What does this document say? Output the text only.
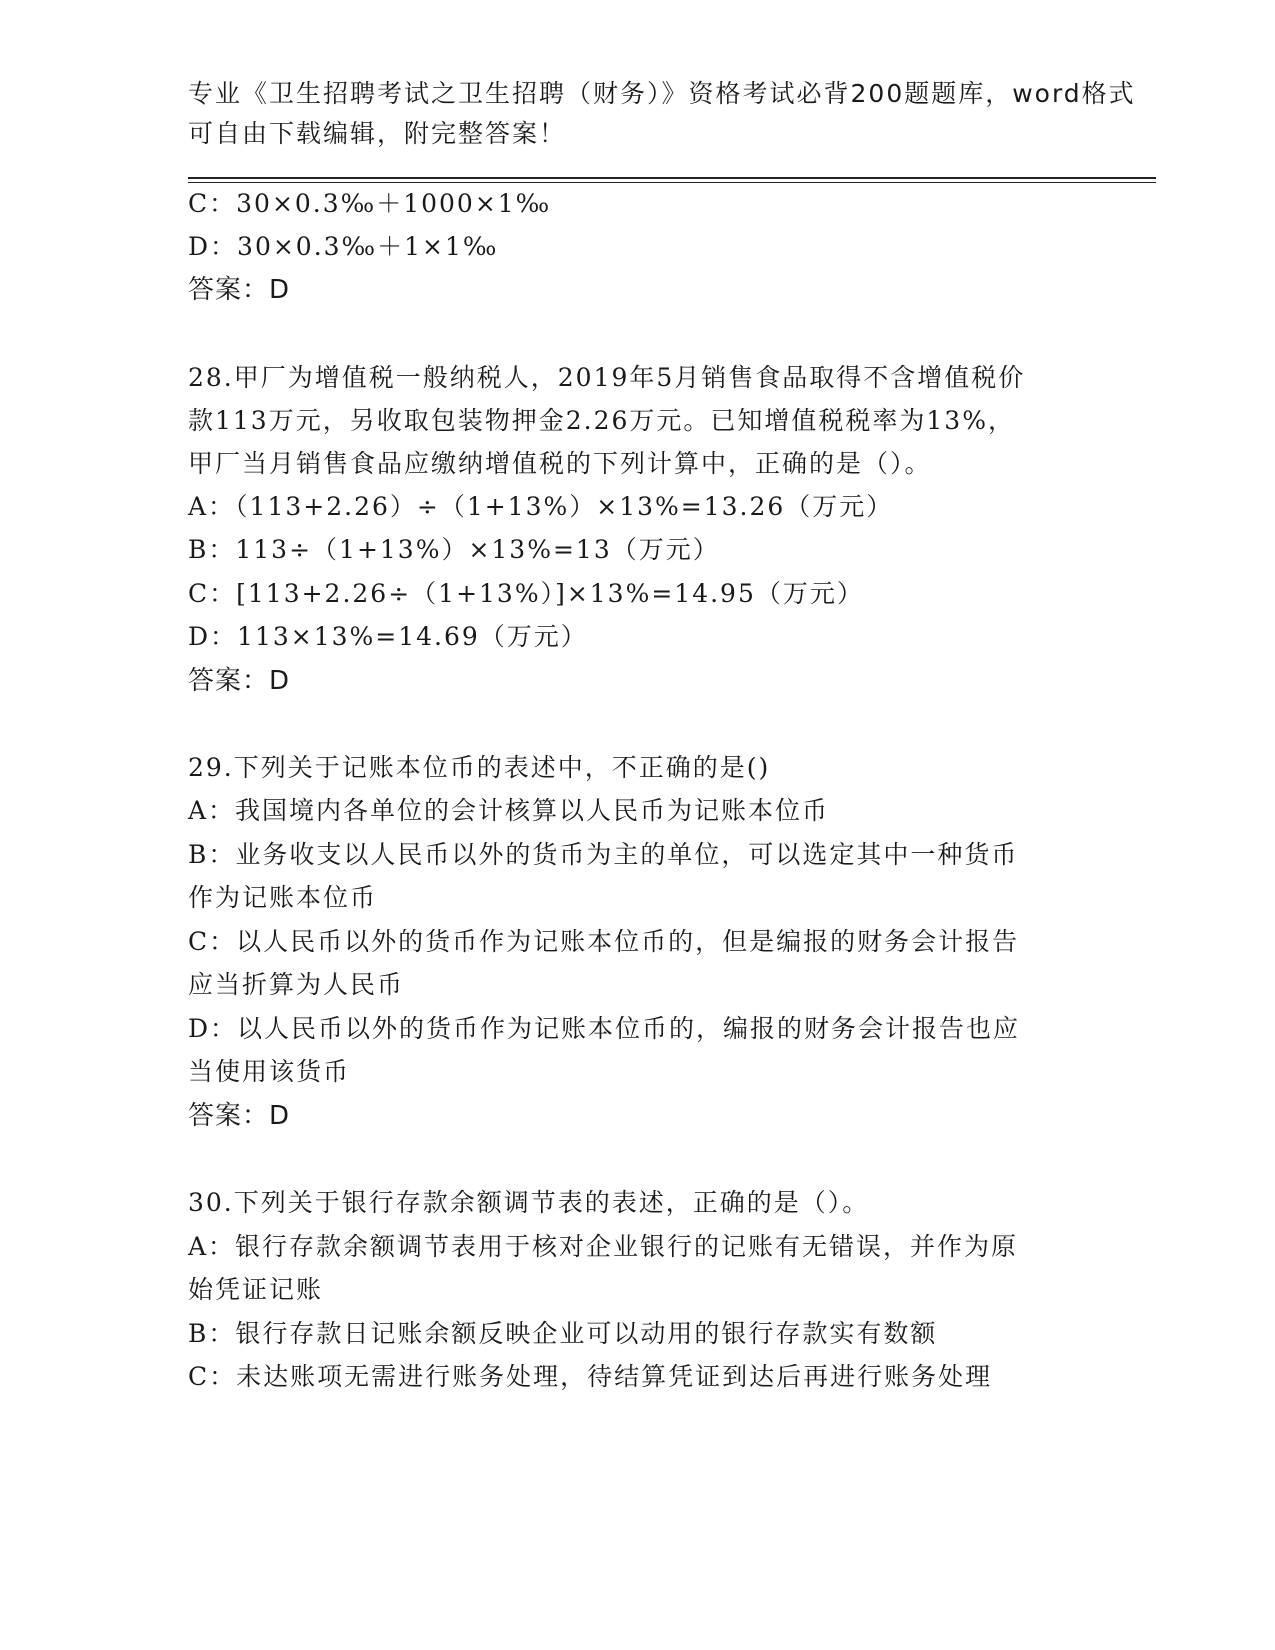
专业《卫生招聘考试之卫生招聘（财务）》资格考试必背200题题库，word格式
可自由下载编辑，附完整答案！
C：30×0.3‰＋1000×1‰
D：30×0.3‰＋1×1‰
答案：D
28.甲厂为增值税一般纳税人，2019年5月销售食品取得不含增值税价
款113万元，另收取包装物押金2.26万元。已知增值税税率为13%，
甲厂当月销售食品应缴纳增值税的下列计算中，正确的是（）。
A：（113+2.26）÷（1+13%）×13%=13.26（万元）
B：113÷（1+13%）×13%=13（万元）
C：[113+2.26÷（1+13%）]×13%=14.95（万元）
D：113×13%=14.69（万元）
答案：D
29.下列关于记账本位币的表述中，不正确的是()
A：我国境内各单位的会计核算以人民币为记账本位币
B：业务收支以人民币以外的货币为主的单位，可以选定其中一种货币
作为记账本位币
C：以人民币以外的货币作为记账本位币的，但是编报的财务会计报告
应当折算为人民币
D：以人民币以外的货币作为记账本位币的，编报的财务会计报告也应
当使用该货币
答案：D
30.下列关于银行存款余额调节表的表述，正确的是（）。
A：银行存款余额调节表用于核对企业银行的记账有无错误，并作为原
始凭证记账
B：银行存款日记账余额反映企业可以动用的银行存款实有数额
C：未达账项无需进行账务处理，待结算凭证到达后再进行账务处理
